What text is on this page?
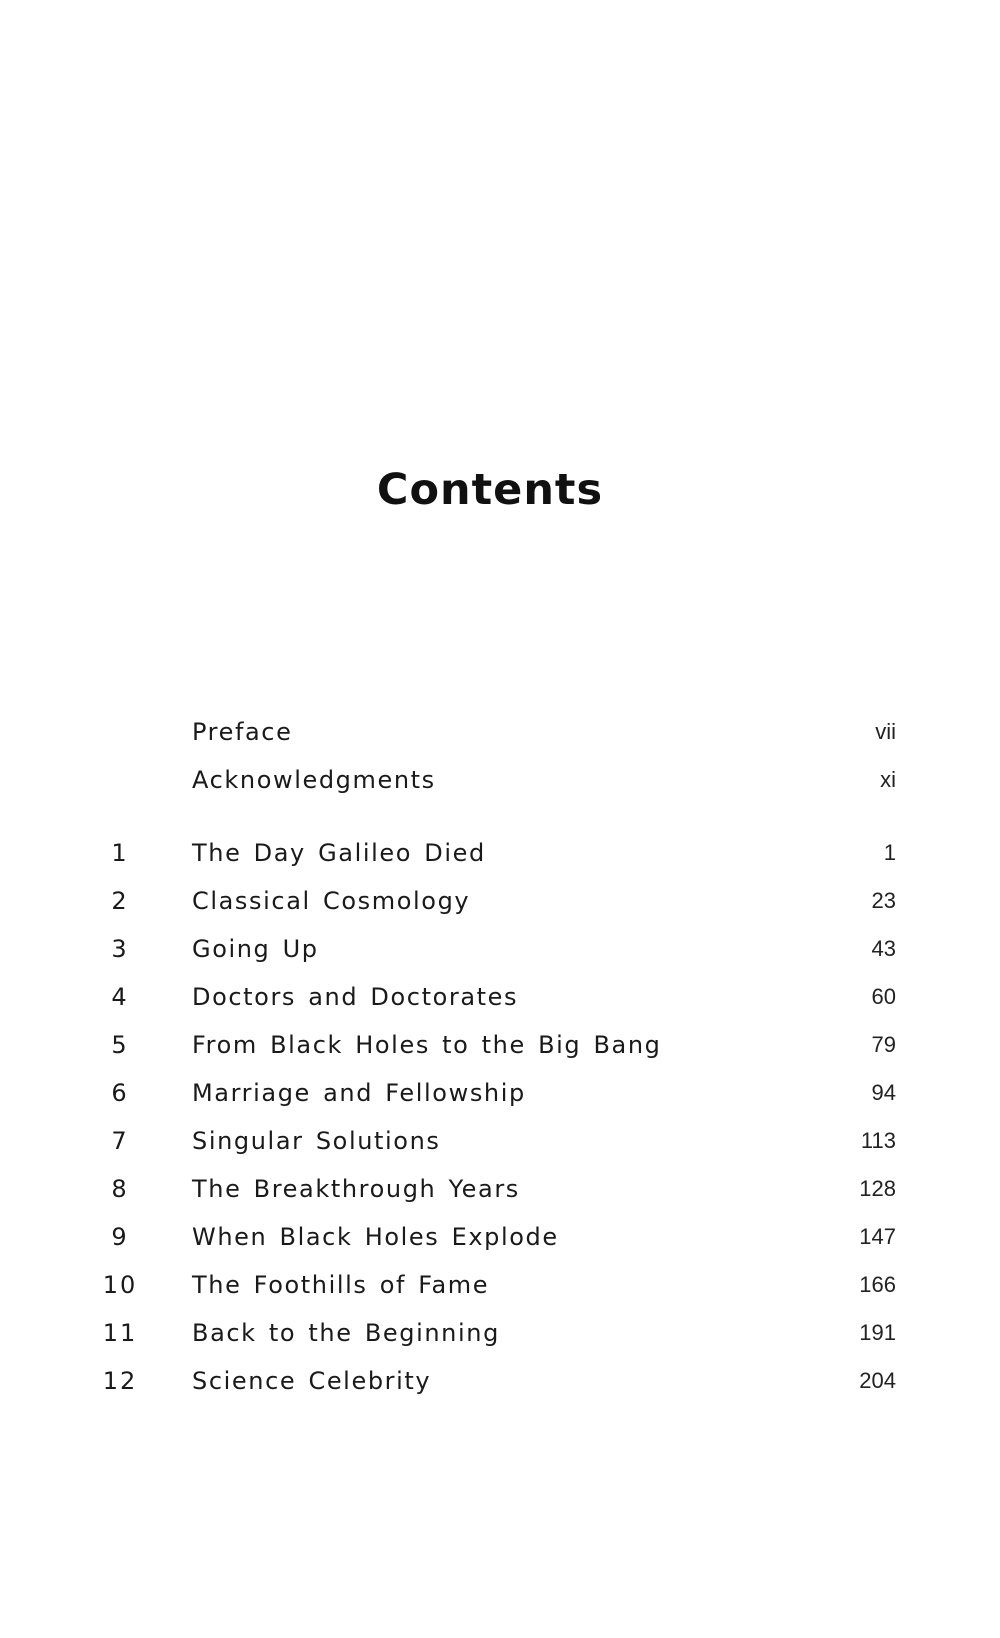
Contents
Preface	vii
Acknowledgments	xi
1	The Day Galileo Died	1
2	Classical Cosmology	23
3	Going Up	43
4	Doctors and Doctorates	60
5	From Black Holes to the Big Bang	79
6	Marriage and Fellowship	94
7	Singular Solutions	113
8	The Breakthrough Years	128
9	When Black Holes Explode	147
10	The Foothills of Fame	166
11	Back to the Beginning	191
12	Science Celebrity	204
